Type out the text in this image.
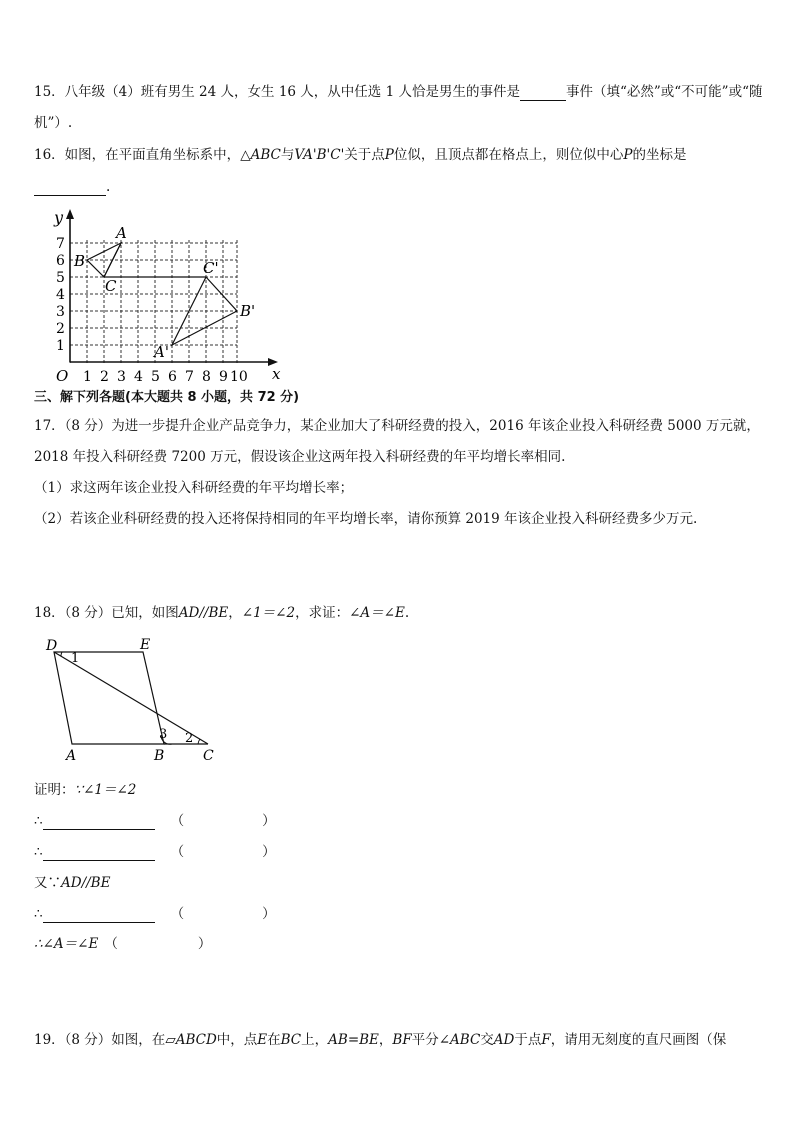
15．八年级（4）班有男生 24 人，女生 16 人，从中任选 1 人恰是男生的事件是	事件（填“必然”或“不可能”或“随
机”）.
16．如图，在平面直角坐标系中，△ABC与VA'B'C'关于点P位似，且顶点都在格点上，则位似中心P的坐标是
.
y
x
O 1 2 3 4 5 6 7 8 9 10
1
2
3
4
5
6
7
A
B
C
A'
B'
C'
三、解下列各题(本大题共 8 小题，共 72 分)
17．（8 分）为进一步提升企业产品竞争力，某企业加大了科研经费的投入，2016 年该企业投入科研经费 5000 万元就，
2018 年投入科研经费 7200 万元，假设该企业这两年投入科研经费的年平均增长率相同.
（1）求这两年该企业投入科研经费的年平均增长率；
（2）若该企业科研经费的投入还将保持相同的年平均增长率，请你预算 2019 年该企业投入科研经费多少万元.
18．（8 分）已知，如图AD//BE，∠1＝∠2，求证：∠A＝∠E.
D	E
A	B	C
1
2
3
证明：∵∠1＝∠2
∴	（	）
∴	（	）
又∵AD//BE
∴	（	）
∴∠A＝∠E （	）
19．（8 分）如图，在▱ABCD中，点E在BC上，AB=BE，BF平分∠ABC交AD于点F，请用无刻度的直尺画图（保
